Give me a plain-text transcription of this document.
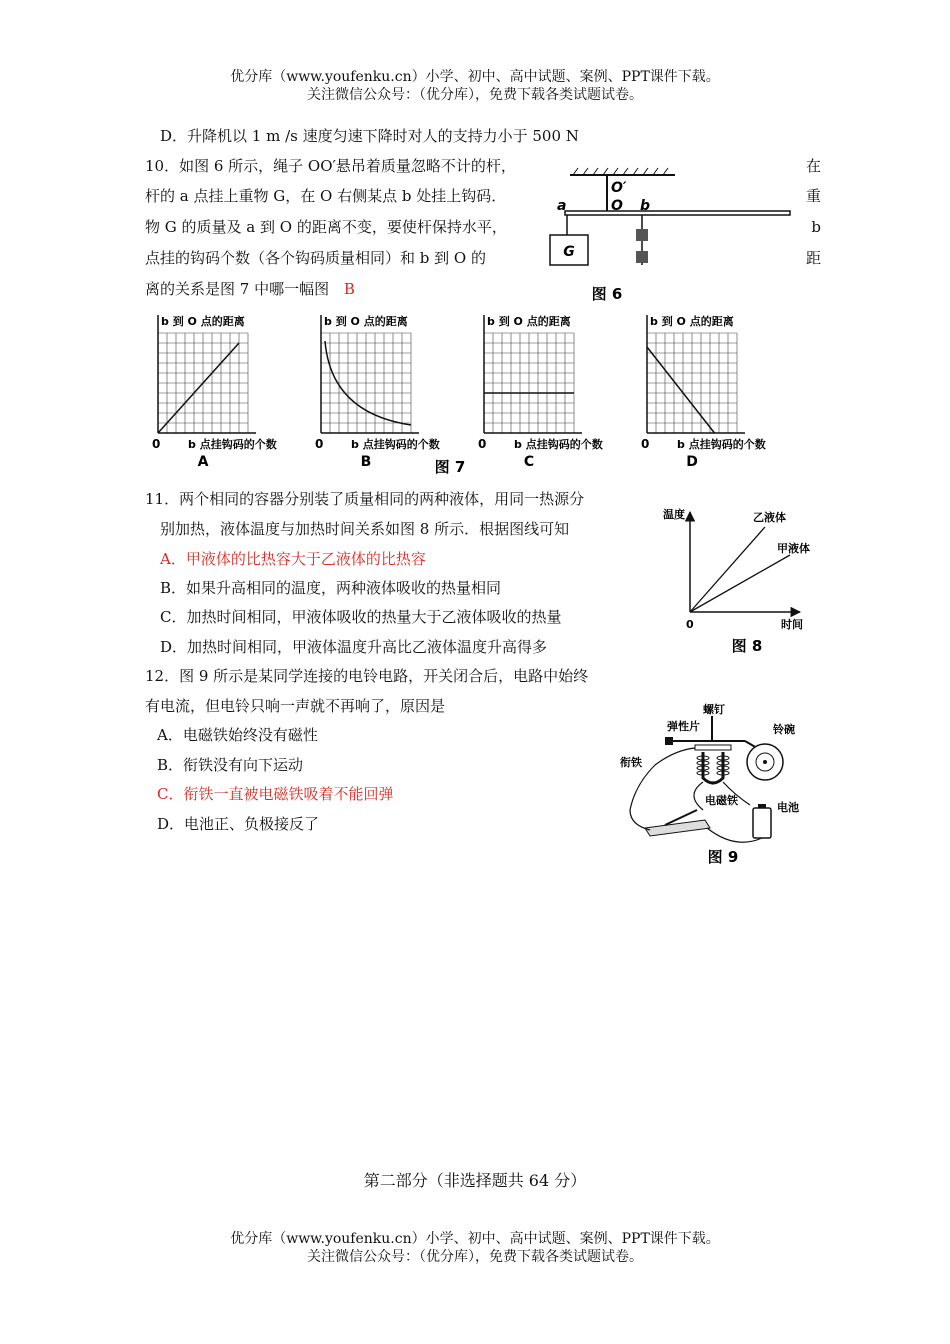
优分库（www.youfenku.cn）小学、初中、高中试题、案例、PPT课件下载。
关注微信公众号：（优分库），免费下载各类试题试卷。
D．升降机以 1 m /s 速度匀速下降时对人的支持力小于 500 N
10．如图 6 所示，绳子 OO′悬吊着质量忽略不计的杆，	在
杆的 a 点挂上重物 G，在 O 右侧某点 b 处挂上钩码．	重
物 G 的质量及 a 到 O 的距离不变，要使杆保持水平，	b
点挂的钩码个数（各个钩码质量相同）和 b 到 O 的	距
离的关系是图 7 中哪一幅图 B
O′
O
a	b
G
图 6
b 到 O 点的距离
0	b 点挂钩码的个数
A
b 到 O 点的距离
0	b 点挂钩码的个数
B
b 到 O 点的距离
0	b 点挂钩码的个数
C
b 到 O 点的距离
0	b 点挂钩码的个数
D
图 7
11．两个相同的容器分别装了质量相同的两种液体，用同一热源分
别加热，液体温度与加热时间关系如图 8 所示．根据图线可知
A．甲液体的比热容大于乙液体的比热容
B．如果升高相同的温度，两种液体吸收的热量相同
C．加热时间相同，甲液体吸收的热量大于乙液体吸收的热量
D．加热时间相同，甲液体温度升高比乙液体温度升高得多
温度
时间
0
乙液体
甲液体
图 8
12．图 9 所示是某同学连接的电铃电路，开关闭合后，电路中始终
有电流，但电铃只响一声就不再响了，原因是
A．电磁铁始终没有磁性
B．衔铁没有向下运动
C．衔铁一直被电磁铁吸着不能回弹
D．电池正、负极接反了
螺钉
弹性片	铃碗
衔铁
电磁铁
电池
图 9
第二部分（非选择题共 64 分）
优分库（www.youfenku.cn）小学、初中、高中试题、案例、PPT课件下载。
关注微信公众号：（优分库），免费下载各类试题试卷。
